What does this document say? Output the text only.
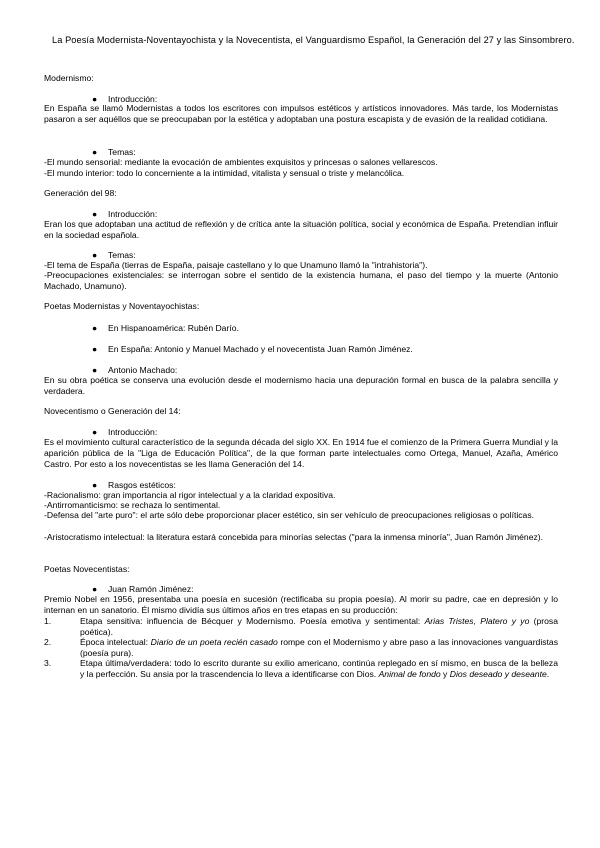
La Poesía Modernista-Noventayochista y la Novecentista, el Vanguardismo Español, la Generación del 27 y las Sinsombrero.
Modernismo:
● Introducción:
En España se llamó Modernistas a todos los escritores con impulsos estéticos y artísticos innovadores. Más tarde, los Modernistas pasaron a ser aquéllos que se preocupaban por la estética y adoptaban una postura escapista y de evasión de la realidad cotidiana.
● Temas:
-El mundo sensorial: mediante la evocación de ambientes exquisitos y princesas o salones vellarescos.
-El mundo interior: todo lo concerniente a la intimidad, vitalista y sensual o triste y melancólica.
Generación del 98:
● Introducción:
Eran los que adoptaban una actitud de reflexión y de crítica ante la situación política, social y económica de España. Pretendían influir en la sociedad española.
● Temas:
-El tema de España (tierras de España, paisaje castellano y lo que Unamuno llamó la "intrahistoria").
-Preocupaciones existenciales: se interrogan sobre el sentido de la existencia humana, el paso del tiempo y la muerte (Antonio Machado, Unamuno).
Poetas Modernistas y Noventayochistas:
● En Hispanoamérica: Rubén Darío.
● En España: Antonio y Manuel Machado y el novecentista Juan Ramón Jiménez.
● Antonio Machado:
En su obra poética se conserva una evolución desde el modernismo hacia una depuración formal en busca de la palabra sencilla y verdadera.
Novecentismo o Generación del 14:
● Introducción:
Es el movimiento cultural característico de la segunda década del siglo XX. En 1914 fue el comienzo de la Primera Guerra Mundial y la aparición pública de la "Liga de Educación Política", de la que forman parte intelectuales como Ortega, Manuel, Azaña, Américo Castro. Por esto a los novecentistas se les llama Generación del 14.
● Rasgos estéticos:
-Racionalismo: gran importancia al rigor intelectual y a la claridad expositiva.
-Antirromanticismo: se rechaza lo sentimental.
-Defensa del "arte puro": el arte sólo debe proporcionar placer estético, sin ser vehículo de preocupaciones religiosas o políticas.
-Aristocratismo intelectual: la literatura estará concebida para minorías selectas ("para la inmensa minoría", Juan Ramón Jiménez).
Poetas Novecentistas:
● Juan Ramón Jiménez:
Premio Nobel en 1956, presentaba una poesía en sucesión (rectificaba su propia poesía). Al morir su padre, cae en depresión y lo internan en un sanatorio. Él mismo dividía sus últimos años en tres etapas en su producción:
1.	Etapa sensitiva: influencia de Bécquer y Modernismo. Poesía emotiva y sentimental: Arias Tristes, Platero y yo (prosa poética).
2.	Época intelectual: Diario de un poeta recién casado rompe con el Modernismo y abre paso a las innovaciones vanguardistas (poesía pura).
3.	Etapa última/verdadera: todo lo escrito durante su exilio americano, continúa replegado en sí mismo, en busca de la belleza y la perfección. Su ansia por la trascendencia lo lleva a identificarse con Dios. Animal de fondo y Dios deseado y deseante.
